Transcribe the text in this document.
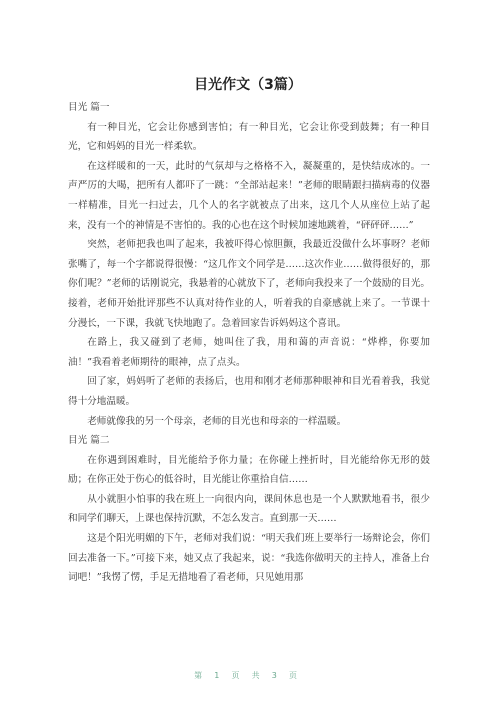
目光作文（3篇）

目光 篇一

有一种目光，它会让你感到害怕；有一种目光，它会让你受到鼓舞；有一种目光，它和妈妈的目光一样柔软。

在这样暖和的一天，此时的气氛却与之格格不入，凝凝重的，是快结成冰的。一声严厉的大喝，把所有人都吓了一跳：“全部站起来！”老师的眼睛跟扫描病毒的仪器一样精准，目光一扫过去，几个人的名字就被点了出来，这几个人从座位上站了起来，没有一个的神情是不害怕的。我的心也在这个时候加速地跳着，“砰砰砰……”

突然，老师把我也叫了起来，我被吓得心惊胆颤，我最近没做什么坏事呀？老师张嘴了，每一个字都说得很慢：“这几作文个同学是……这次作业……做得很好的，那你们呢？”老师的话刚说完，我悬着的心就放下了，老师向我投来了一个鼓励的目光。接着，老师开始批评那些不认真对待作业的人，听着我的自豪感就上来了。一节课十分漫长，一下课，我就飞快地跑了。急着回家告诉妈妈这个喜讯。

在路上，我又碰到了老师，她叫住了我，用和蔼的声音说：“烨桦，你要加油！”我看着老师期待的眼神，点了点头。

回了家，妈妈听了老师的表扬后，也用和刚才老师那种眼神和目光看着我，我觉得十分地温暖。

老师就像我的另一个母亲，老师的目光也和母亲的一样温暖。

目光 篇二

在你遇到困难时，目光能给予你力量；在你碰上挫折时，目光能给你无形的鼓励；在你正处于伤心的低谷时，目光能让你重拾自信……

从小就胆小怕事的我在班上一向很内向，课间休息也是一个人默默地看书，很少和同学们聊天，上课也保持沉默，不怎么发言。直到那一天……

这是个阳光明媚的下午，老师对我们说：“明天我们班上要举行一场辩论会，你们回去准备一下。”可接下来，她又点了我起来，说：“我选你做明天的主持人，准备上台词吧！”我愣了愣，手足无措地看了看老师，只见她用那

第 1 页 共 3 页
